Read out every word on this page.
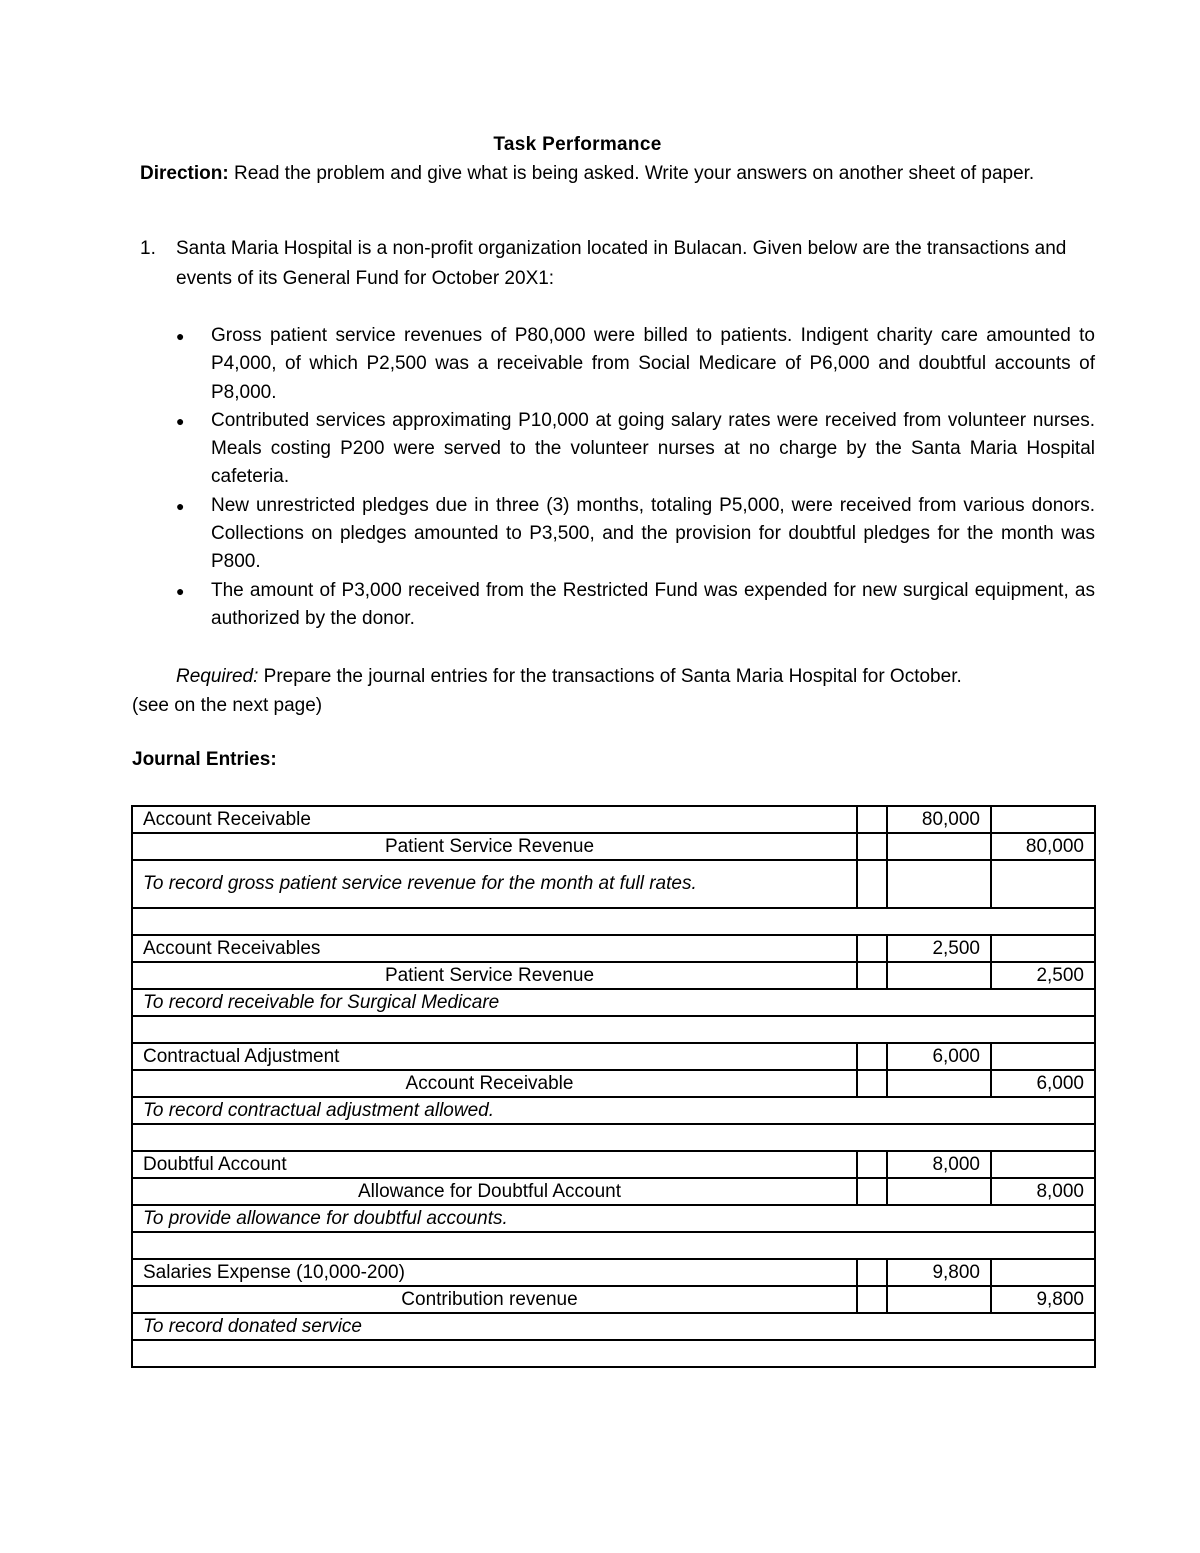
Task Performance
Direction: Read the problem and give what is being asked. Write your answers on another sheet of paper.
1. Santa Maria Hospital is a non-profit organization located in Bulacan. Given below are the transactions and events of its General Fund for October 20X1:
● Gross patient service revenues of P80,000 were billed to patients. Indigent charity care amounted to P4,000, of which P2,500 was a receivable from Social Medicare of P6,000 and doubtful accounts of P8,000.
● Contributed services approximating P10,000 at going salary rates were received from volunteer nurses. Meals costing P200 were served to the volunteer nurses at no charge by the Santa Maria Hospital cafeteria.
● New unrestricted pledges due in three (3) months, totaling P5,000, were received from various donors. Collections on pledges amounted to P3,500, and the provision for doubtful pledges for the month was P800.
● The amount of P3,000 received from the Restricted Fund was expended for new surgical equipment, as authorized by the donor.
Required: Prepare the journal entries for the transactions of Santa Maria Hospital for October.
(see on the next page)
Journal Entries:
Account Receivable		80,000	

Patient Service Revenue			80,000
To record gross patient service revenue for the month at full rates.			

Account Receivables		2,500	

Patient Service Revenue			2,500
To record receivable for Surgical Medicare			

Contractual Adjustment		6,000	

Account Receivable			6,000
To record contractual adjustment allowed.			

Doubtful Account		8,000	

Allowance for Doubtful Account			8,000
To provide allowance for doubtful accounts.			

Salaries Expense (10,000-200)		9,800	

Contribution revenue			9,800
To record donated service			
